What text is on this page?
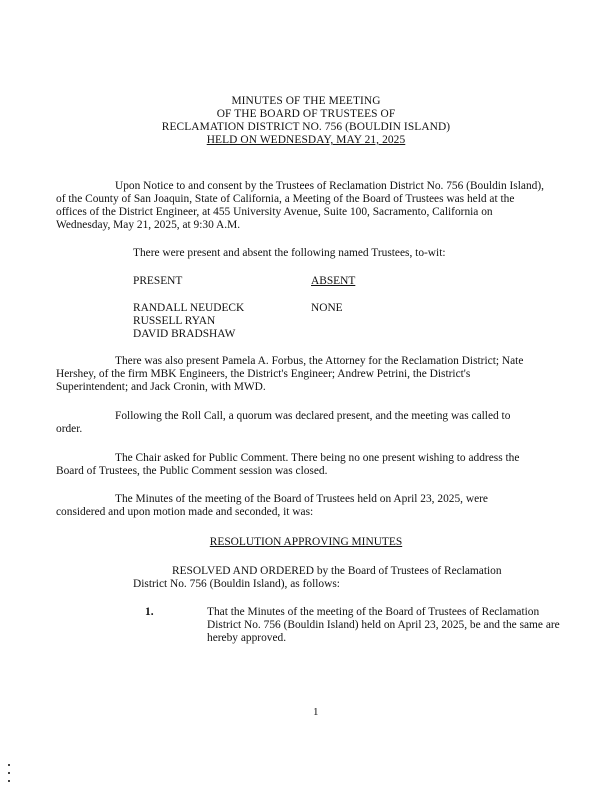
MINUTES OF THE MEETING
OF THE BOARD OF TRUSTEES OF
RECLAMATION DISTRICT NO. 756 (BOULDIN ISLAND)
HELD ON WEDNESDAY, MAY 21, 2025
Upon Notice to and consent by the Trustees of Reclamation District No. 756 (Bouldin Island),
of the County of San Joaquin, State of California, a Meeting of the Board of Trustees was held at the
offices of the District Engineer, at 455 University Avenue, Suite 100, Sacramento, California on
Wednesday, May 21, 2025, at 9:30 A.M.
There were present and absent the following named Trustees, to-wit:
PRESENT	ABSENT
RANDALL NEUDECK
RUSSELL RYAN
DAVID BRADSHAW
NONE
There was also present Pamela A. Forbus, the Attorney for the Reclamation District; Nate
Hershey, of the firm MBK Engineers, the District's Engineer; Andrew Petrini, the District's
Superintendent; and Jack Cronin, with MWD.
Following the Roll Call, a quorum was declared present, and the meeting was called to
order.
The Chair asked for Public Comment. There being no one present wishing to address the
Board of Trustees, the Public Comment session was closed.
The Minutes of the meeting of the Board of Trustees held on April 23, 2025, were
considered and upon motion made and seconded, it was:
RESOLUTION APPROVING MINUTES
RESOLVED AND ORDERED by the Board of Trustees of Reclamation
District No. 756 (Bouldin Island), as follows:
1.	That the Minutes of the meeting of the Board of Trustees of Reclamation
District No. 756 (Bouldin Island) held on April 23, 2025, be and the same are
hereby approved.
1
